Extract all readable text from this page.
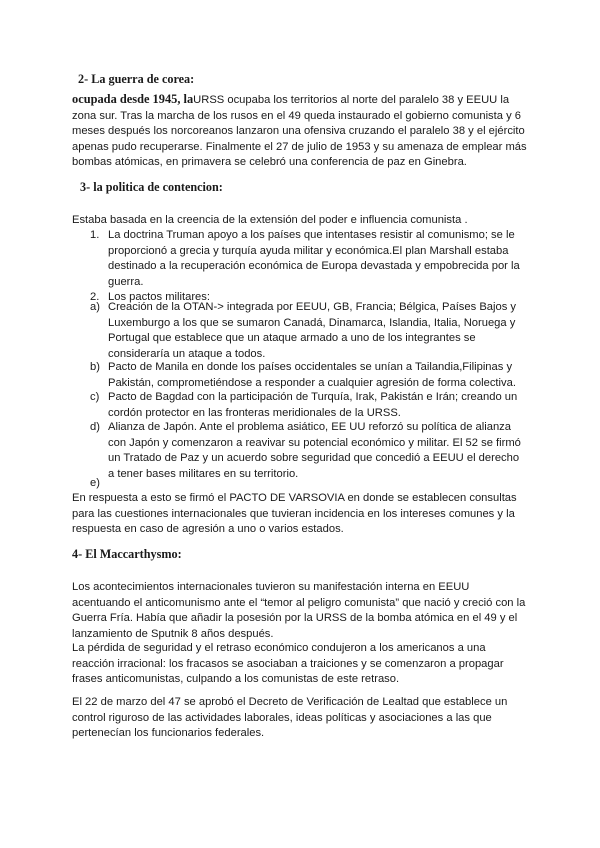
2- La guerra de corea:

ocupada desde 1945, laURSS ocupaba los territorios al norte del paralelo 38 y EEUU la zona sur. Tras la marcha de los rusos en el 49 queda instaurado el gobierno comunista y 6 meses después los norcoreanos lanzaron una ofensiva cruzando el paralelo 38 y el ejército apenas pudo recuperarse. Finalmente el 27 de julio de 1953 y su amenaza de emplear más bombas atómicas, en primavera se celebró una conferencia de paz en Ginebra.

3- la politica de contencion:

Estaba basada en la creencia de la extensión del poder e influencia comunista .

1. La doctrina Truman apoyo a los países que intentases resistir al comunismo; se le proporcionó a grecia y turquía ayuda militar y económica.El plan Marshall estaba destinado a la recuperación económica de Europa devastada y empobrecida por la guerra.
2. Los pactos militares:
a) Creación de la OTAN-> integrada por EEUU, GB, Francia; Bélgica, Países Bajos y Luxemburgo a los que se sumaron Canadá, Dinamarca, Islandia, Italia, Noruega y Portugal que establece que un ataque armado a uno de los integrantes se consideraría un ataque a todos.
b) Pacto de Manila en donde los países occidentales se unían a Tailandia,Filipinas y Pakistán, comprometiéndose a responder a cualquier agresión de forma colectiva.
c) Pacto de Bagdad con la participación de Turquía, Irak, Pakistán e Irán; creando un cordón protector en las fronteras meridionales de la URSS.
d) Alianza de Japón. Ante el problema asiático, EE UU reforzó su política de alianza con Japón y comenzaron a reavivar su potencial económico y militar. El 52 se firmó un Tratado de Paz y un acuerdo sobre seguridad que concedió a EEUU el derecho a tener bases militares en su territorio.
e)

En respuesta a esto se firmó el PACTO DE VARSOVIA en donde se establecen consultas para las cuestiones internacionales que tuvieran incidencia en los intereses comunes y la respuesta en caso de agresión a uno o varios estados.

4- El Maccarthysmo:

Los acontecimientos internacionales tuvieron su manifestación interna en EEUU acentuando el anticomunismo ante el “temor al peligro comunista” que nació y creció con la Guerra Fría. Había que añadir la posesión por la URSS de la bomba atómica en el 49 y el lanzamiento de Sputnik 8 años después.

La pérdida de seguridad y el retraso económico condujeron a los americanos a una reacción irracional: los fracasos se asociaban a traiciones y se comenzaron a propagar frases anticomunistas, culpando a los comunistas de este retraso.

El 22 de marzo del 47 se aprobó el Decreto de Verificación de Lealtad que establece un control riguroso de las actividades laborales, ideas políticas y asociaciones a las que pertenecían los funcionarios federales.
